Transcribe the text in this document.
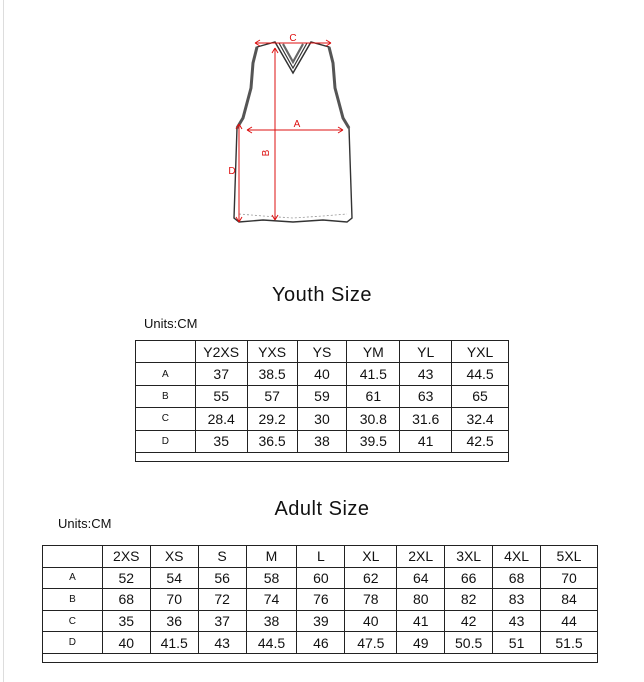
C
A
B
D
Youth Size
Units:CM
	Y2XS	YXS	YS	YM	YL	YXL
A	37	38.5	40	41.5	43	44.5
B	55	57	59	61	63	65
C	28.4	29.2	30	30.8	31.6	32.4
D	35	36.5	38	39.5	41	42.5

Adult Size
Units:CM
	2XS	XS	S	M	L	XL	2XL	3XL	4XL	5XL
A	52	54	56	58	60	62	64	66	68	70
B	68	70	72	74	76	78	80	82	83	84
C	35	36	37	38	39	40	41	42	43	44
D	40	41.5	43	44.5	46	47.5	49	50.5	51	51.5
